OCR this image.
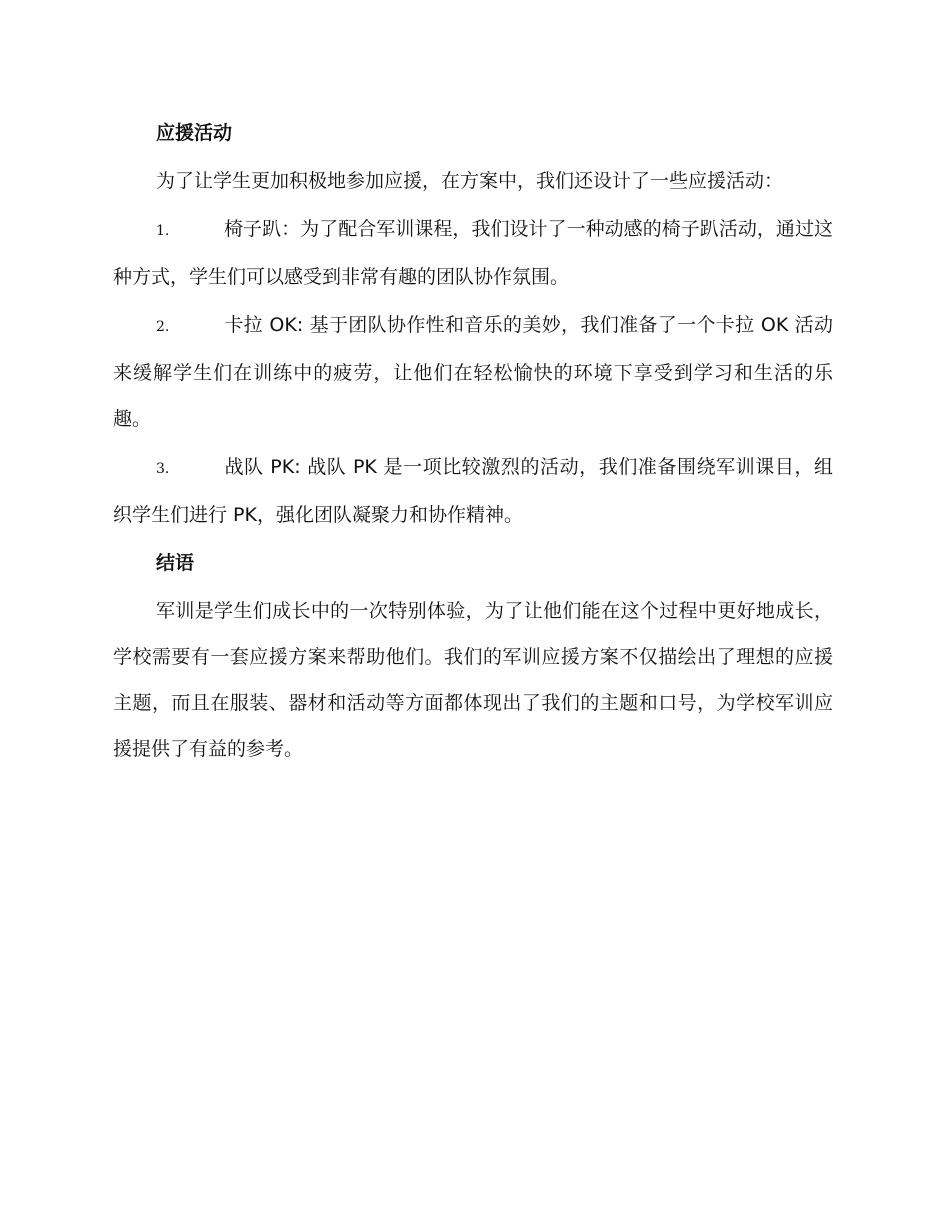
应援活动

为了让学生更加积极地参加应援，在方案中，我们还设计了一些应援活动：

1.	椅子趴：为了配合军训课程，我们设计了一种动感的椅子趴活动，通过这种方式，学生们可以感受到非常有趣的团队协作氛围。

2.	卡拉 OK: 基于团队协作性和音乐的美妙，我们准备了一个卡拉 OK 活动来缓解学生们在训练中的疲劳，让他们在轻松愉快的环境下享受到学习和生活的乐趣。

3.	战队 PK: 战队 PK 是一项比较激烈的活动，我们准备围绕军训课目，组织学生们进行 PK，强化团队凝聚力和协作精神。

结语

军训是学生们成长中的一次特别体验，为了让他们能在这个过程中更好地成长，学校需要有一套应援方案来帮助他们。我们的军训应援方案不仅描绘出了理想的应援主题，而且在服装、器材和活动等方面都体现出了我们的主题和口号，为学校军训应援提供了有益的参考。
